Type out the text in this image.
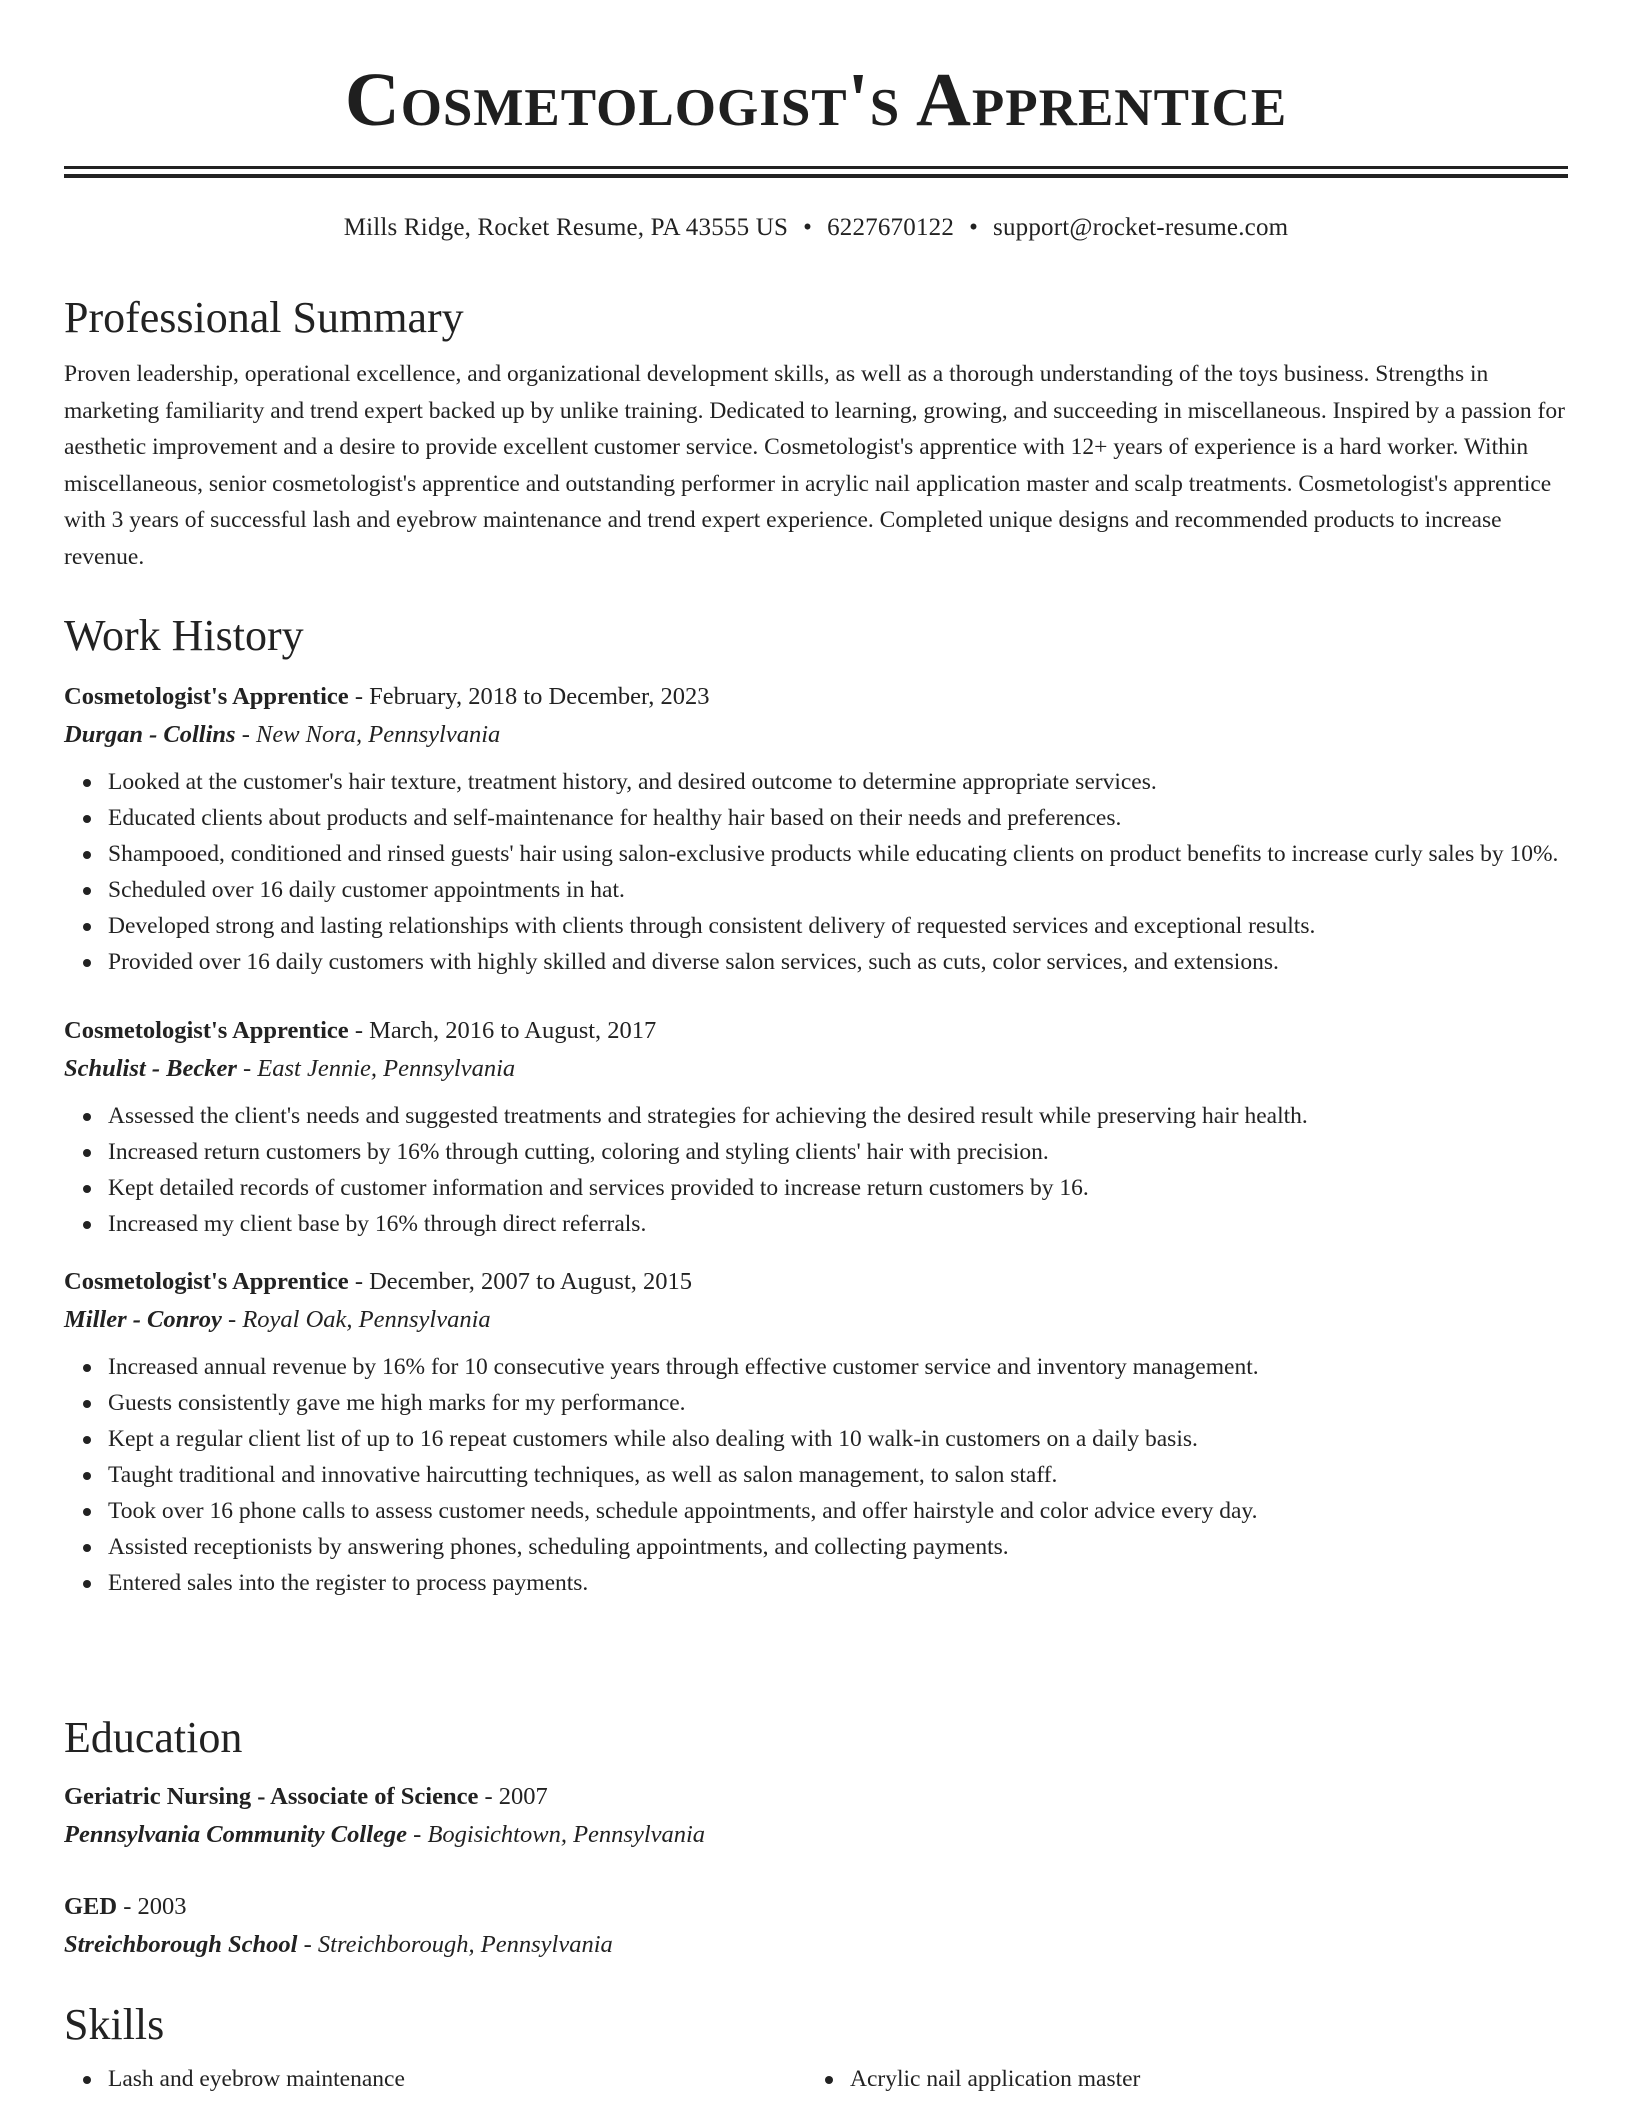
Cosmetologist's Apprentice
Mills Ridge, Rocket Resume, PA 43555 US • 6227670122 • support@rocket-resume.com
Professional Summary
Proven leadership, operational excellence, and organizational development skills, as well as a thorough understanding of the toys business. Strengths in marketing familiarity and trend expert backed up by unlike training. Dedicated to learning, growing, and succeeding in miscellaneous. Inspired by a passion for aesthetic improvement and a desire to provide excellent customer service. Cosmetologist's apprentice with 12+ years of experience is a hard worker. Within miscellaneous, senior cosmetologist's apprentice and outstanding performer in acrylic nail application master and scalp treatments. Cosmetologist's apprentice with 3 years of successful lash and eyebrow maintenance and trend expert experience. Completed unique designs and recommended products to increase revenue.
Work History
Cosmetologist's Apprentice - February, 2018 to December, 2023
Durgan - Collins - New Nora, Pennsylvania
Looked at the customer's hair texture, treatment history, and desired outcome to determine appropriate services.
Educated clients about products and self-maintenance for healthy hair based on their needs and preferences.
Shampooed, conditioned and rinsed guests' hair using salon-exclusive products while educating clients on product benefits to increase curly sales by 10%.
Scheduled over 16 daily customer appointments in hat.
Developed strong and lasting relationships with clients through consistent delivery of requested services and exceptional results.
Provided over 16 daily customers with highly skilled and diverse salon services, such as cuts, color services, and extensions.
Cosmetologist's Apprentice - March, 2016 to August, 2017
Schulist - Becker - East Jennie, Pennsylvania
Assessed the client's needs and suggested treatments and strategies for achieving the desired result while preserving hair health.
Increased return customers by 16% through cutting, coloring and styling clients' hair with precision.
Kept detailed records of customer information and services provided to increase return customers by 16.
Increased my client base by 16% through direct referrals.
Cosmetologist's Apprentice - December, 2007 to August, 2015
Miller - Conroy - Royal Oak, Pennsylvania
Increased annual revenue by 16% for 10 consecutive years through effective customer service and inventory management.
Guests consistently gave me high marks for my performance.
Kept a regular client list of up to 16 repeat customers while also dealing with 10 walk-in customers on a daily basis.
Taught traditional and innovative haircutting techniques, as well as salon management, to salon staff.
Took over 16 phone calls to assess customer needs, schedule appointments, and offer hairstyle and color advice every day.
Assisted receptionists by answering phones, scheduling appointments, and collecting payments.
Entered sales into the register to process payments.
Education
Geriatric Nursing - Associate of Science - 2007
Pennsylvania Community College - Bogisichtown, Pennsylvania
GED - 2003
Streichborough School - Streichborough, Pennsylvania
Skills
Lash and eyebrow maintenance	Acrylic nail application master
